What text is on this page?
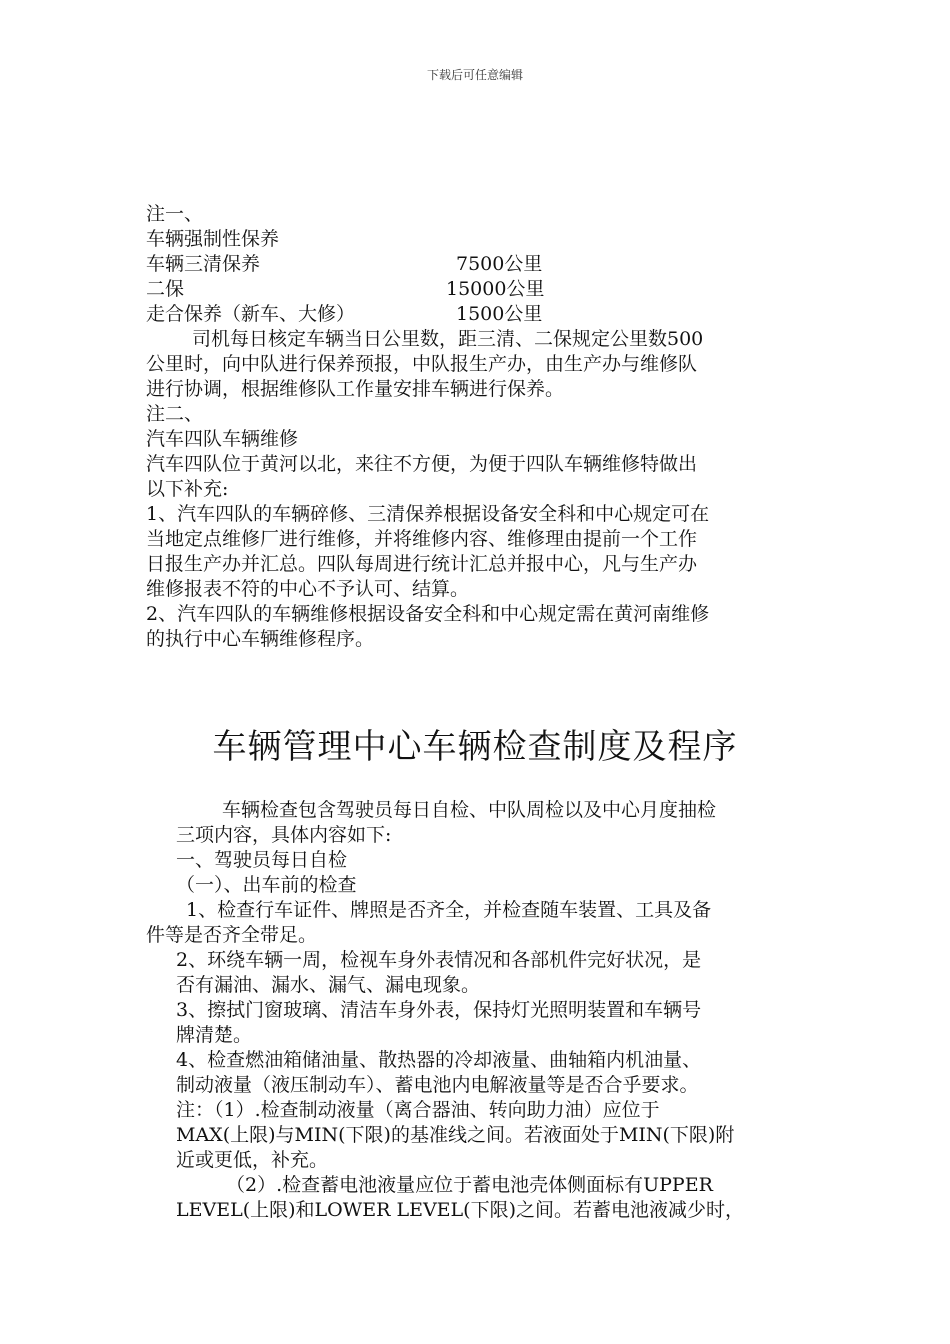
下载后可任意编辑
注一、
车辆强制性保养
车辆三清保养	7500公里
二保	15000公里
走合保养（新车、大修）	1500公里
司机每日核定车辆当日公里数，距三清、二保规定公里数500
公里时，向中队进行保养预报，中队报生产办，由生产办与维修队
进行协调，根据维修队工作量安排车辆进行保养。
注二、
汽车四队车辆维修
汽车四队位于黄河以北，来往不方便，为便于四队车辆维修特做出
以下补充:
1、汽车四队的车辆碎修、三清保养根据设备安全科和中心规定可在
当地定点维修厂进行维修，并将维修内容、维修理由提前一个工作
日报生产办并汇总。四队每周进行统计汇总并报中心，凡与生产办
维修报表不符的中心不予认可、结算。
2、汽车四队的车辆维修根据设备安全科和中心规定需在黄河南维修
的执行中心车辆维修程序。
车辆管理中心车辆检查制度及程序
车辆检查包含驾驶员每日自检、中队周检以及中心月度抽检
三项内容，具体内容如下:
一、驾驶员每日自检
（一）、出车前的检查
1、检查行车证件、牌照是否齐全，并检查随车装置、工具及备
件等是否齐全带足。
2、环绕车辆一周，检视车身外表情况和各部机件完好状况，是
否有漏油、漏水、漏气、漏电现象。
3、擦拭门窗玻璃、清洁车身外表，保持灯光照明装置和车辆号
牌清楚。
4、检查燃油箱储油量、散热器的冷却液量、曲轴箱内机油量、
制动液量（液压制动车）、蓄电池内电解液量等是否合乎要求。
注：（1）.检查制动液量（离合器油、转向助力油）应位于
MAX(上限)与MIN(下限)的基准线之间。若液面处于MIN(下限)附
近或更低，补充。
（2）.检查蓄电池液量应位于蓄电池壳体侧面标有UPPER
LEVEL(上限)和LOWER LEVEL(下限)之间。若蓄电池液减少时，
